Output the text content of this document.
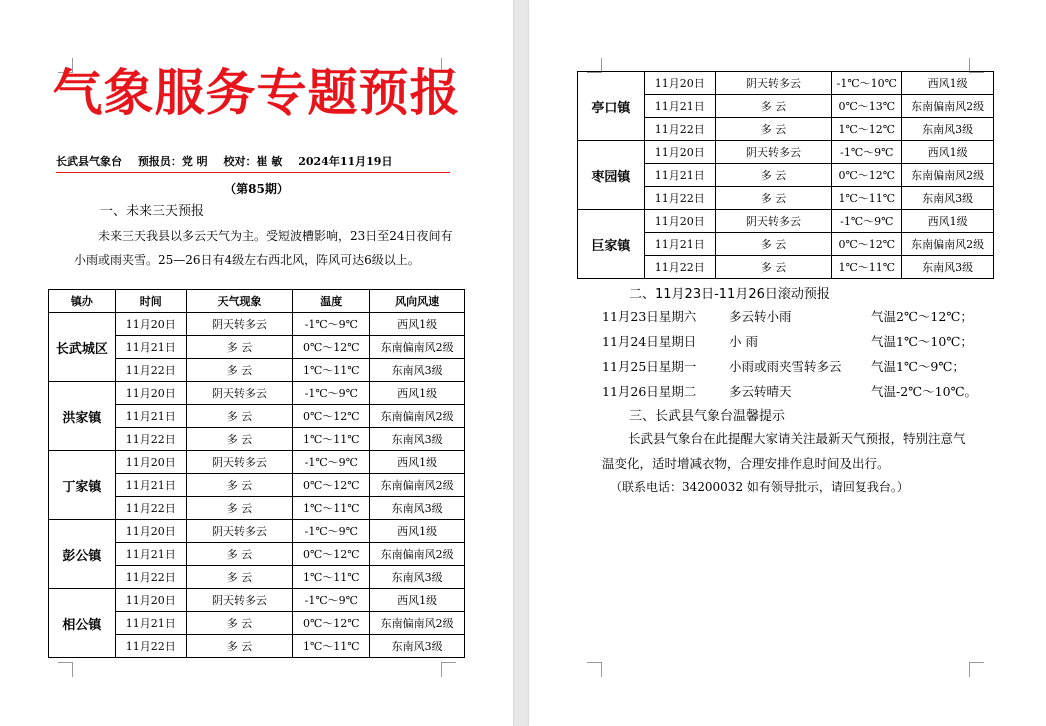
气象服务专题预报
长武县气象台 预报员：党 明 校对：崔 敏 2024年11月19日
（第85期）
一、未来三天预报
未来三天我县以多云天气为主。受短波槽影响，23日至24日夜间有小雨或雨夹雪。25—26日有4级左右西北风，阵风可达6级以上。
镇办	时间	天气现象	温度	风向风速
长武城区	11月20日	阴天转多云	-1℃～9℃	西风1级
	11月21日	多 云	0℃～12℃	东南偏南风2级
	11月22日	多 云	1℃～11℃	东南风3级
洪家镇	11月20日	阴天转多云	-1℃～9℃	西风1级
	11月21日	多 云	0℃～12℃	东南偏南风2级
	11月22日	多 云	1℃～11℃	东南风3级
丁家镇	11月20日	阴天转多云	-1℃～9℃	西风1级
	11月21日	多 云	0℃～12℃	东南偏南风2级
	11月22日	多 云	1℃～11℃	东南风3级
彭公镇	11月20日	阴天转多云	-1℃～9℃	西风1级
	11月21日	多 云	0℃～12℃	东南偏南风2级
	11月22日	多 云	1℃～11℃	东南风3级
相公镇	11月20日	阴天转多云	-1℃～9℃	西风1级
	11月21日	多 云	0℃～12℃	东南偏南风2级
	11月22日	多 云	1℃～11℃	东南风3级
亭口镇	11月20日	阴天转多云	-1℃～10℃	西风1级
	11月21日	多 云	0℃～13℃	东南偏南风2级
	11月22日	多 云	1℃～12℃	东南风3级
枣园镇	11月20日	阴天转多云	-1℃～9℃	西风1级
	11月21日	多 云	0℃～12℃	东南偏南风2级
	11月22日	多 云	1℃～11℃	东南风3级
巨家镇	11月20日	阴天转多云	-1℃～9℃	西风1级
	11月21日	多 云	0℃～12℃	东南偏南风2级
	11月22日	多 云	1℃～11℃	东南风3级
二、11月23日-11月26日滚动预报
11月23日星期六	多云转小雨	气温2℃～12℃；
11月24日星期日	小 雨	气温1℃～10℃；
11月25日星期一	小雨或雨夹雪转多云 气温1℃～9℃；
11月26日星期二	多云转晴天	气温-2℃～10℃。
三、长武县气象台温馨提示
长武县气象台在此提醒大家请关注最新天气预报，特别注意气温变化，适时增减衣物，合理安排作息时间及出行。
（联系电话：34200032 如有领导批示，请回复我台。）
